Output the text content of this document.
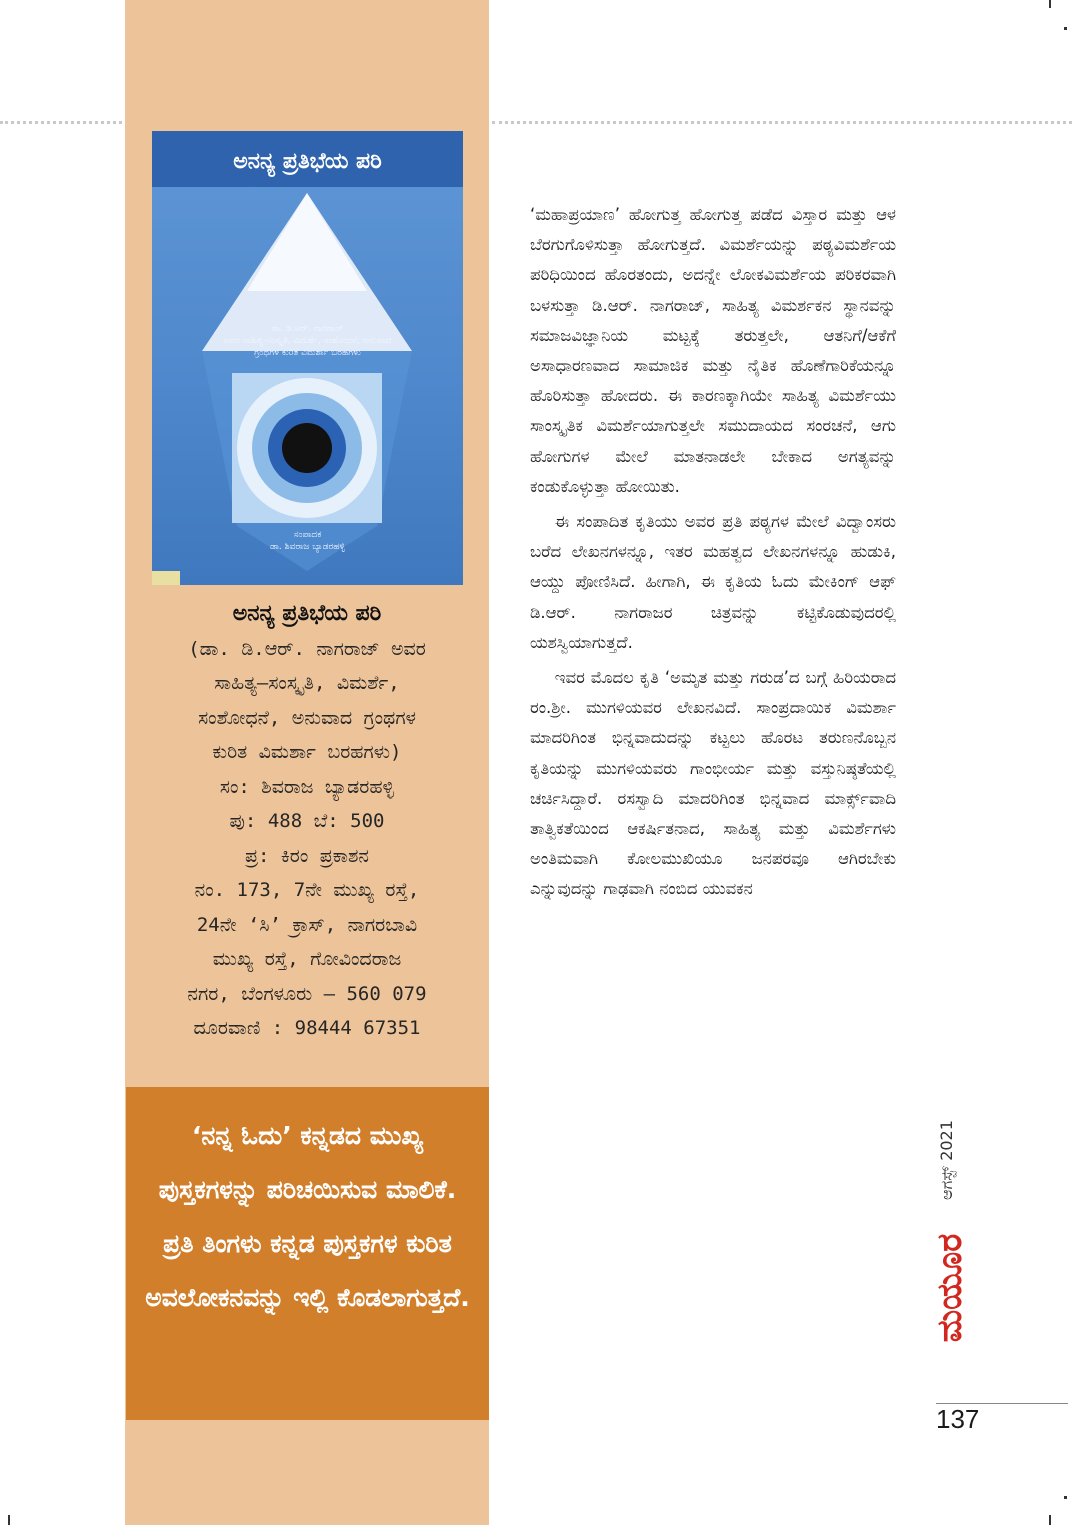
ಅನನ್ಯ ಪ್ರತಿಭೆಯ ಪರಿ
ಡಾ. ಡಿ.ಆರ್. ನಾಗರಾಜ್
ಅವರ ಸಾಹಿತ್ಯ-ಸಂಸ್ಕೃತಿ, ವಿಮರ್ಶೆ, ಸಂಶೋಧನೆ, ಅನುವಾದ ಗ್ರಂಥಗಳ ಕುರಿತ ವಿಮರ್ಶಾ ಬರಹಗಳು
ಸಂಪಾದಕ
ಡಾ. ಶಿವರಾಜ ಬ್ಯಾಡರಹಳ್ಳಿ
ಅನನ್ಯ ಪ್ರತಿಭೆಯ ಪರಿ
(ಡಾ. ಡಿ.ಆರ್. ನಾಗರಾಜ್ ಅವರ
ಸಾಹಿತ್ಯ–ಸಂಸ್ಕೃತಿ, ವಿಮರ್ಶೆ,
ಸಂಶೋಧನೆ, ಅನುವಾದ ಗ್ರಂಥಗಳ
ಕುರಿತ ವಿಮರ್ಶಾ ಬರಹಗಳು)
ಸಂ: ಶಿವರಾಜ ಬ್ಯಾಡರಹಳ್ಳಿ
ಪು: 488 ಬೆ: 500
ಪ್ರ: ಕಿರಂ ಪ್ರಕಾಶನ
ನಂ. 173, 7ನೇ ಮುಖ್ಯ ರಸ್ತೆ,
24ನೇ ‘ಸಿ’ ಕ್ರಾಸ್, ನಾಗರಬಾವಿ
ಮುಖ್ಯ ರಸ್ತೆ, ಗೋವಿಂದರಾಜ
ನಗರ, ಬೆಂಗಳೂರು – 560 079
ದೂರವಾಣಿ : 98444 67351
‘ನನ್ನ ಓದು’ ಕನ್ನಡದ ಮುಖ್ಯ ಪುಸ್ತಕಗಳನ್ನು ಪರಿಚಯಿಸುವ ಮಾಲಿಕೆ. ಪ್ರತಿ ತಿಂಗಳು ಕನ್ನಡ ಪುಸ್ತಕಗಳ ಕುರಿತ ಅವಲೋಕನವನ್ನು ಇಲ್ಲಿ ಕೊಡಲಾಗುತ್ತದೆ.

‘ಮಹಾಪ್ರಯಾಣ’ ಹೋಗುತ್ತ ಹೋಗುತ್ತ ಪಡೆದ ವಿಸ್ತಾರ ಮತ್ತು ಆಳ ಬೆರಗುಗೊಳಿಸುತ್ತಾ ಹೋಗುತ್ತದೆ. ವಿಮರ್ಶೆಯನ್ನು ಪಠ್ಯವಿಮರ್ಶೆಯ ಪರಿಧಿಯಿಂದ ಹೊರತಂದು, ಅದನ್ನೇ ಲೋಕವಿಮರ್ಶೆಯ ಪರಿಕರವಾಗಿ ಬಳಸುತ್ತಾ ಡಿ.ಆರ್. ನಾಗರಾಜ್, ಸಾಹಿತ್ಯ ವಿಮರ್ಶಕನ ಸ್ಥಾನವನ್ನು ಸಮಾಜವಿಜ್ಞಾನಿಯ ಮಟ್ಟಕ್ಕೆ ತರುತ್ತಲೇ, ಆತನಿಗೆ/ಆಕೆಗೆ ಅಸಾಧಾರಣವಾದ ಸಾಮಾಜಿಕ ಮತ್ತು ನೈತಿಕ ಹೊಣೆಗಾರಿಕೆಯನ್ನೂ ಹೊರಿಸುತ್ತಾ ಹೋದರು. ಈ ಕಾರಣಕ್ಕಾಗಿಯೇ ಸಾಹಿತ್ಯ ವಿಮರ್ಶೆಯು ಸಾಂಸ್ಕೃತಿಕ ವಿಮರ್ಶೆಯಾಗುತ್ತಲೇ ಸಮುದಾಯದ ಸಂರಚನೆ, ಆಗು ಹೋಗುಗಳ ಮೇಲೆ ಮಾತನಾಡಲೇ ಬೇಕಾದ ಅಗತ್ಯವನ್ನು ಕಂಡುಕೊಳ್ಳುತ್ತಾ ಹೋಯಿತು.

ಈ ಸಂಪಾದಿತ ಕೃತಿಯು ಅವರ ಪ್ರತಿ ಪಠ್ಯಗಳ ಮೇಲೆ ವಿದ್ವಾಂಸರು ಬರೆದ ಲೇಖನಗಳನ್ನೂ, ಇತರ ಮಹತ್ವದ ಲೇಖನಗಳನ್ನೂ ಹುಡುಕಿ, ಆಯ್ದು ಪೋಣಿಸಿದೆ. ಹೀಗಾಗಿ, ಈ ಕೃತಿಯ ಓದು ಮೇಕಿಂಗ್ ಆಫ್ ಡಿ.ಆರ್. ನಾಗರಾಜರ ಚಿತ್ರವನ್ನು ಕಟ್ಟಿಕೊಡುವುದರಲ್ಲಿ ಯಶಸ್ವಿಯಾಗುತ್ತದೆ.

ಇವರ ಮೊದಲ ಕೃತಿ ‘ಅಮೃತ ಮತ್ತು ಗರುಡ’ದ ಬಗ್ಗೆ ಹಿರಿಯರಾದ ರಂ.ಶ್ರೀ. ಮುಗಳಿಯವರ ಲೇಖನವಿದೆ. ಸಾಂಪ್ರದಾಯಿಕ ವಿಮರ್ಶಾ ಮಾದರಿಗಿಂತ ಭಿನ್ನವಾದುದನ್ನು ಕಟ್ಟಲು ಹೊರಟ ತರುಣನೊಬ್ಬನ ಕೃತಿಯನ್ನು ಮುಗಳಿಯವರು ಗಾಂಭೀರ್ಯ ಮತ್ತು ವಸ್ತುನಿಷ್ಠತೆಯಲ್ಲಿ ಚರ್ಚಿಸಿದ್ದಾರೆ. ರಸಸ್ವಾದಿ ಮಾದರಿಗಿಂತ ಭಿನ್ನವಾದ ಮಾರ್ಕ್ಸ್‌ವಾದಿ ತಾತ್ವಿಕತೆಯಿಂದ ಆಕರ್ಷಿತನಾದ, ಸಾಹಿತ್ಯ ಮತ್ತು ವಿಮರ್ಶೆಗಳು ಅಂತಿಮವಾಗಿ ಕೋಲಮುಖಿಯೂ ಜನಪರವೂ ಆಗಿರಬೇಕು ಎನ್ನುವುದನ್ನು ಗಾಢವಾಗಿ ನಂಬಿದ ಯುವಕನ

ಆಗಸ್ಟ್ 2021
ಮಯೂರ
137
